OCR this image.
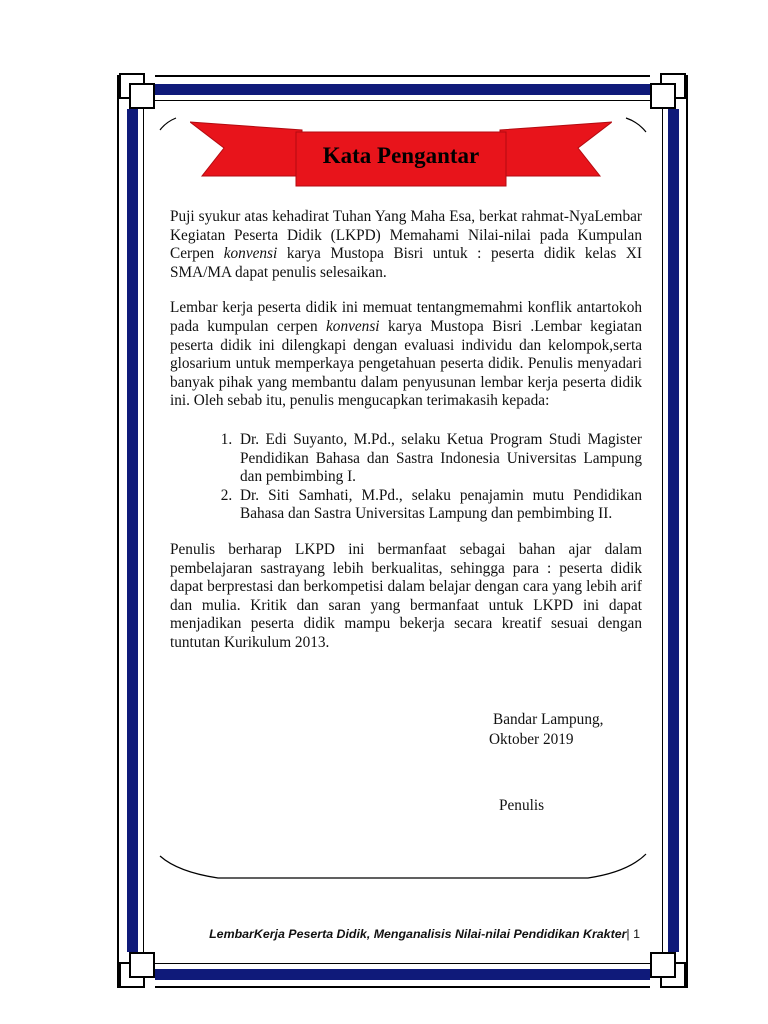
Kata Pengantar

Puji syukur atas kehadirat Tuhan Yang Maha Esa, berkat rahmat-NyaLembar Kegiatan Peserta Didik (LKPD) Memahami Nilai-nilai pada Kumpulan Cerpen konvensi karya Mustopa Bisri untuk : peserta didik kelas XI SMA/MA dapat penulis selesaikan.

Lembar kerja peserta didik ini memuat tentangmemahmi konflik antartokoh pada kumpulan cerpen konvensi karya Mustopa Bisri .Lembar kegiatan peserta didik ini dilengkapi dengan evaluasi individu dan kelompok,serta glosarium untuk memperkaya pengetahuan peserta didik. Penulis menyadari banyak pihak yang membantu dalam penyusunan lembar kerja peserta didik ini. Oleh sebab itu, penulis mengucapkan terimakasih kepada:

1. Dr. Edi Suyanto, M.Pd., selaku Ketua Program Studi Magister Pendidikan Bahasa dan Sastra Indonesia Universitas Lampung dan pembimbing I.
2. Dr. Siti Samhati, M.Pd., selaku penajamin mutu Pendidikan Bahasa dan Sastra Universitas Lampung dan pembimbing II.

Penulis berharap LKPD ini bermanfaat sebagai bahan ajar dalam pembelajaran sastrayang lebih berkualitas, sehingga para : peserta didik dapat berprestasi dan berkompetisi dalam belajar dengan cara yang lebih arif dan mulia. Kritik dan saran yang bermanfaat untuk LKPD ini dapat menjadikan peserta didik mampu bekerja secara kreatif sesuai dengan tuntutan Kurikulum 2013.

Bandar Lampung,
Oktober 2019
Penulis
LembarKerja Peserta Didik, Menganalisis Nilai-nilai Pendidikan Krakter| 1
